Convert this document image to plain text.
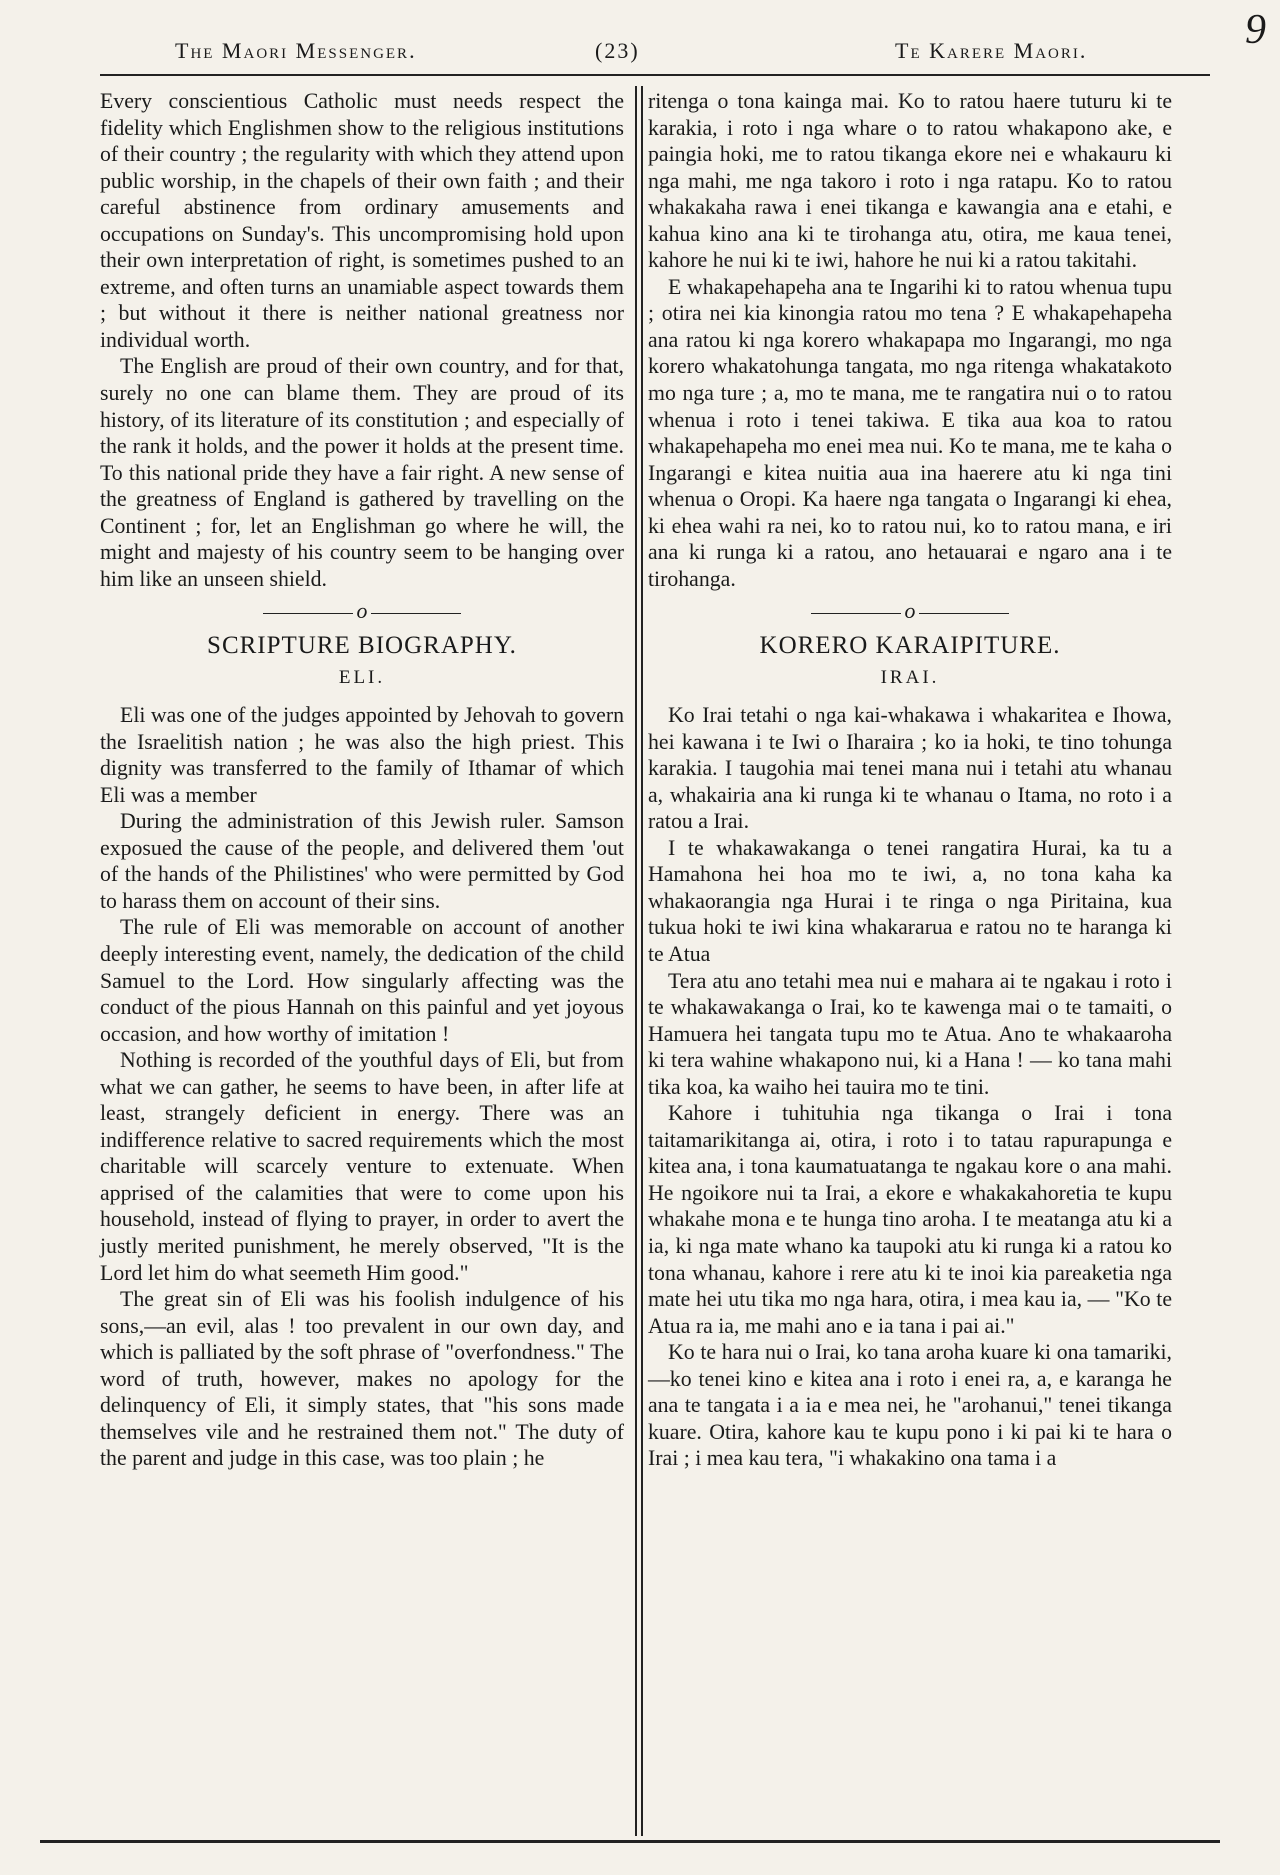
The Maori Messenger.	(23)	Te Karere Maori.	9

Every conscientious Catholic must needs respect the fidelity which Englishmen show to the religious institutions of their country ; the regularity with which they attend upon public worship, in the chapels of their own faith ; and their careful abstinence from ordinary amusements and occupations on Sunday's. This uncompromising hold upon their own interpretation of right, is sometimes pushed to an extreme, and often turns an unamiable aspect towards them ; but without it there is neither national greatness nor individual worth.

The English are proud of their own country, and for that, surely no one can blame them. They are proud of its history, of its literature of its constitution ; and especially of the rank it holds, and the power it holds at the present time. To this national pride they have a fair right. A new sense of the greatness of England is gathered by travelling on the Continent ; for, let an Englishman go where he will, the might and majesty of his country seem to be hanging over him like an unseen shield.

o
SCRIPTURE BIOGRAPHY.
ELI.

Eli was one of the judges appointed by Jehovah to govern the Israelitish nation ; he was also the high priest. This dignity was transferred to the family of Ithamar of which Eli was a member

During the administration of this Jewish ruler. Samson exposued the cause of the people, and delivered them 'out of the hands of the Philistines' who were permitted by God to harass them on account of their sins.

The rule of Eli was memorable on account of another deeply interesting event, namely, the dedication of the child Samuel to the Lord. How singularly affecting was the conduct of the pious Hannah on this painful and yet joyous occasion, and how worthy of imitation !

Nothing is recorded of the youthful days of Eli, but from what we can gather, he seems to have been, in after life at least, strangely deficient in energy. There was an indifference relative to sacred requirements which the most charitable will scarcely venture to extenuate. When apprised of the calamities that were to come upon his household, instead of flying to prayer, in order to avert the justly merited punishment, he merely observed, "It is the Lord let him do what seemeth Him good."

The great sin of Eli was his foolish indulgence of his sons,—an evil, alas ! too prevalent in our own day, and which is palliated by the soft phrase of "overfondness." The word of truth, however, makes no apology for the delinquency of Eli, it simply states, that "his sons made themselves vile and he restrained them not." The duty of the parent and judge in this case, was too plain ; he

ritenga o tona kainga mai. Ko to ratou haere tuturu ki te karakia, i roto i nga whare o to ratou whakapono ake, e paingia hoki, me to ratou tikanga ekore nei e whakauru ki nga mahi, me nga takoro i roto i nga ratapu. Ko to ratou whakakaha rawa i enei tikanga e kawangia ana e etahi, e kahua kino ana ki te tirohanga atu, otira, me kaua tenei, kahore he nui ki te iwi, hahore he nui ki a ratou takitahi.

E whakapehapeha ana te Ingarihi ki to ratou whenua tupu ; otira nei kia kinongia ratou mo tena ? E whakapehapeha ana ratou ki nga korero whakapapa mo Ingarangi, mo nga korero whakatohunga tangata, mo nga ritenga whakatakoto mo nga ture ; a, mo te mana, me te rangatira nui o to ratou whenua i roto i tenei takiwa. E tika aua koa to ratou whakapehapeha mo enei mea nui. Ko te mana, me te kaha o Ingarangi e kitea nuitia aua ina haerere atu ki nga tini whenua o Oropi. Ka haere nga tangata o Ingarangi ki ehea, ki ehea wahi ra nei, ko to ratou nui, ko to ratou mana, e iri ana ki runga ki a ratou, ano hetauarai e ngaro ana i te tirohanga.

o
KORERO KARAIPITURE.
IRAI.

Ko Irai tetahi o nga kai-whakawa i whakaritea e Ihowa, hei kawana i te Iwi o Iharaira ; ko ia hoki, te tino tohunga karakia. I taugohia mai tenei mana nui i tetahi atu whanau a, whakairia ana ki runga ki te whanau o Itama, no roto i a ratou a Irai.

I te whakawakanga o tenei rangatira Hurai, ka tu a Hamahona hei hoa mo te iwi, a, no tona kaha ka whakaorangia nga Hurai i te ringa o nga Piritaina, kua tukua hoki te iwi kina whakararua e ratou no te haranga ki te Atua

Tera atu ano tetahi mea nui e mahara ai te ngakau i roto i te whakawakanga o Irai, ko te kawenga mai o te tamaiti, o Hamuera hei tangata tupu mo te Atua. Ano te whakaaroha ki tera wahine whakapono nui, ki a Hana ! — ko tana mahi tika koa, ka waiho hei tauira mo te tini.

Kahore i tuhituhia nga tikanga o Irai i tona taitamarikitanga ai, otira, i roto i to tatau rapurapunga e kitea ana, i tona kaumatuatanga te ngakau kore o ana mahi. He ngoikore nui ta Irai, a ekore e whakakahoretia te kupu whakahe mona e te hunga tino aroha. I te meatanga atu ki a ia, ki nga mate whano ka taupoki atu ki runga ki a ratou ko tona whanau, kahore i rere atu ki te inoi kia pareaketia nga mate hei utu tika mo nga hara, otira, i mea kau ia, — "Ko te Atua ra ia, me mahi ano e ia tana i pai ai."

Ko te hara nui o Irai, ko tana aroha kuare ki ona tamariki,—ko tenei kino e kitea ana i roto i enei ra, a, e karanga he ana te tangata i a ia e mea nei, he "arohanui," tenei tikanga kuare. Otira, kahore kau te kupu pono i ki pai ki te hara o Irai ; i mea kau tera, "i whakakino ona tama i a
